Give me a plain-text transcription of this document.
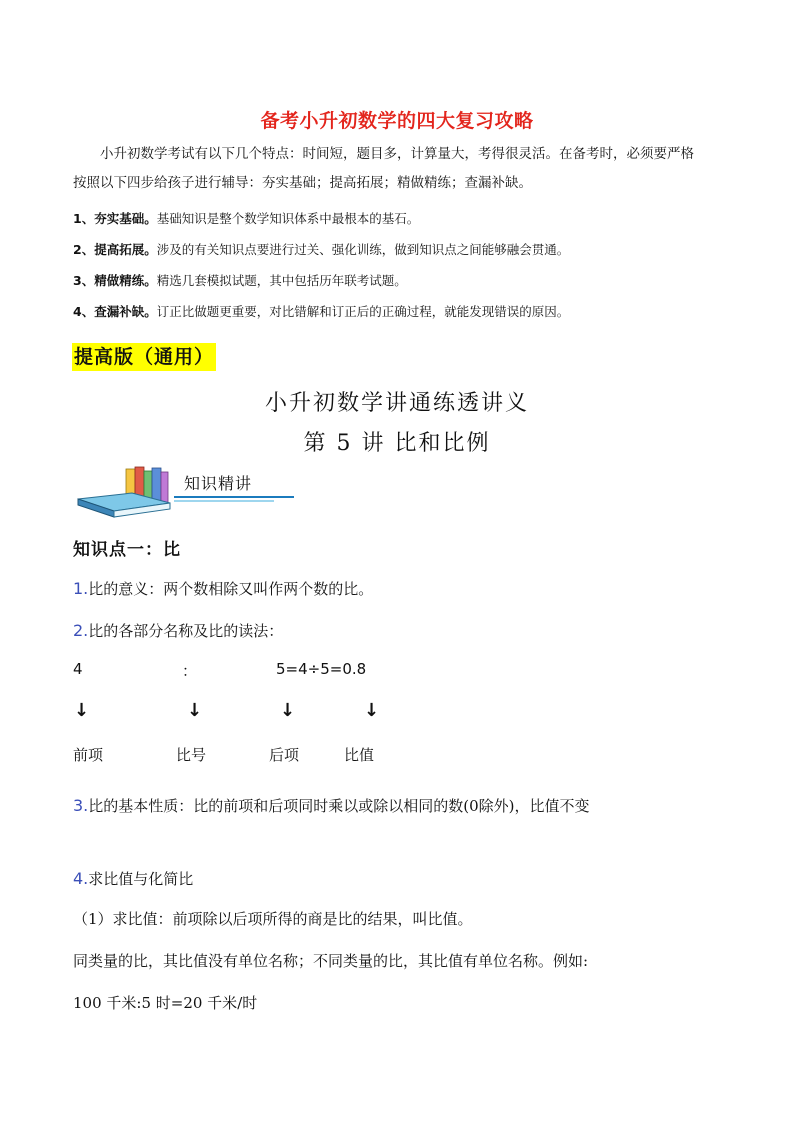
备考小升初数学的四大复习攻略

小升初数学考试有以下几个特点：时间短，题目多，计算量大，考得很灵活。在备考时，必须要严格

按照以下四步给孩子进行辅导：夯实基础；提高拓展；精做精练；查漏补缺。

1、夯实基础。基础知识是整个数学知识体系中最根本的基石。
2、提高拓展。涉及的有关知识点要进行过关、强化训练，做到知识点之间能够融会贯通。
3、精做精练。精选几套模拟试题，其中包括历年联考试题。
4、查漏补缺。订正比做题更重要，对比错解和订正后的正确过程，就能发现错误的原因。
提高版（通用）
小升初数学讲通练透讲义
第 5 讲 比和比例
知识精讲
知识点一：比
1.比的意义：两个数相除又叫作两个数的比。
2.比的各部分名称及比的读法：
4	：	5=4÷5=0.8
↓	↓	↓	↓
前项	比号	后项	比值
3.比的基本性质：比的前项和后项同时乘以或除以相同的数(0除外)，比值不变
4.求比值与化简比
（1）求比值：前项除以后项所得的商是比的结果，叫比值。
同类量的比，其比值没有单位名称；不同类量的比，其比值有单位名称。例如:
100 千米:5 时=20 千米/时
